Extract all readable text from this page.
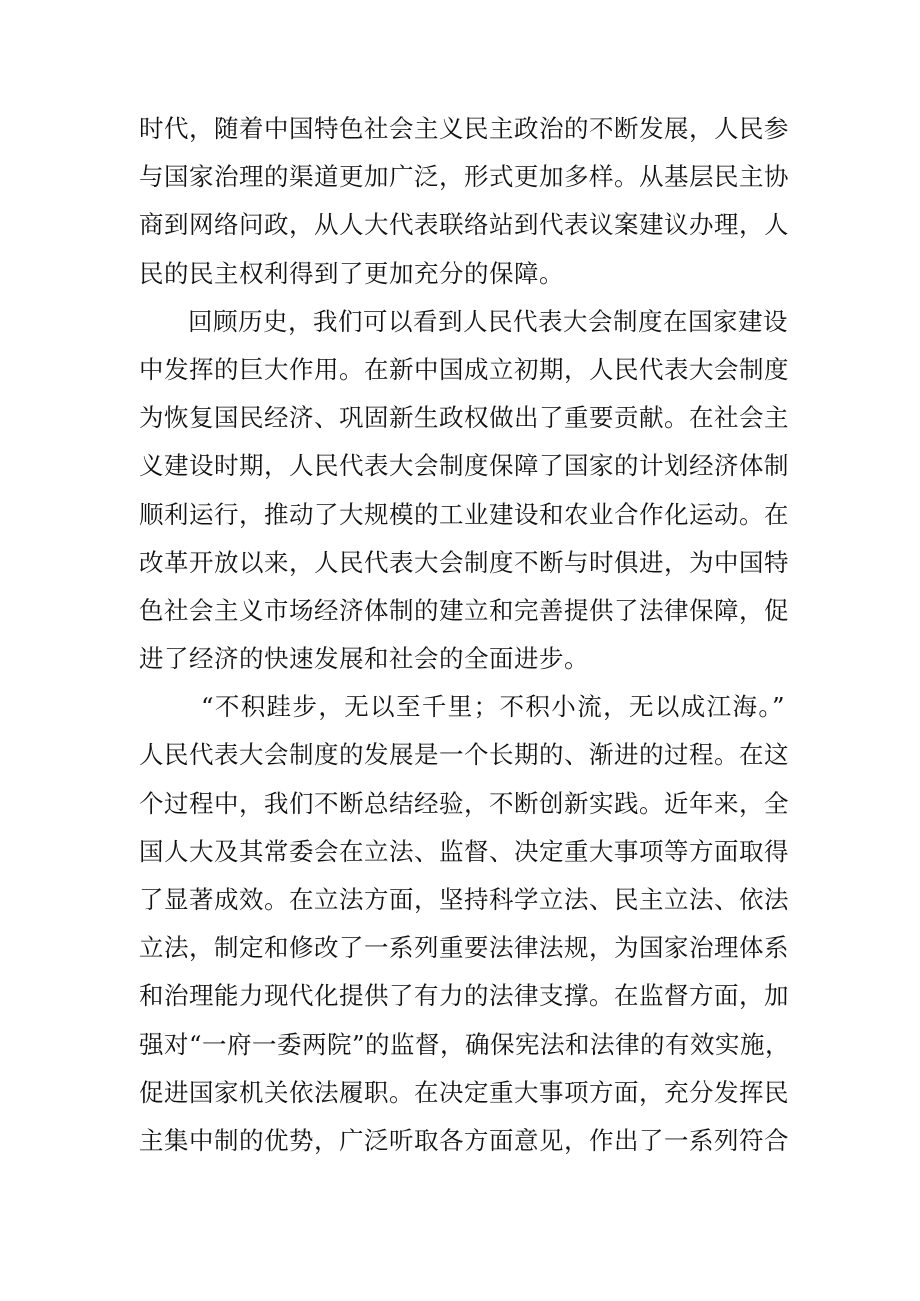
时代，随着中国特色社会主义民主政治的不断发展，人民参
与国家治理的渠道更加广泛，形式更加多样。从基层民主协
商到网络问政，从人大代表联络站到代表议案建议办理，人
民的民主权利得到了更加充分的保障。
回顾历史，我们可以看到人民代表大会制度在国家建设
中发挥的巨大作用。在新中国成立初期，人民代表大会制度
为恢复国民经济、巩固新生政权做出了重要贡献。在社会主
义建设时期，人民代表大会制度保障了国家的计划经济体制
顺利运行，推动了大规模的工业建设和农业合作化运动。在
改革开放以来，人民代表大会制度不断与时俱进，为中国特
色社会主义市场经济体制的建立和完善提供了法律保障，促
进了经济的快速发展和社会的全面进步。
“不积跬步，无以至千里；不积小流，无以成江海。”
人民代表大会制度的发展是一个长期的、渐进的过程。在这
个过程中，我们不断总结经验，不断创新实践。近年来，全
国人大及其常委会在立法、监督、决定重大事项等方面取得
了显著成效。在立法方面，坚持科学立法、民主立法、依法
立法，制定和修改了一系列重要法律法规，为国家治理体系
和治理能力现代化提供了有力的法律支撑。在监督方面，加
强对“一府一委两院”的监督，确保宪法和法律的有效实施，
促进国家机关依法履职。在决定重大事项方面，充分发挥民
主集中制的优势，广泛听取各方面意见，作出了一系列符合
